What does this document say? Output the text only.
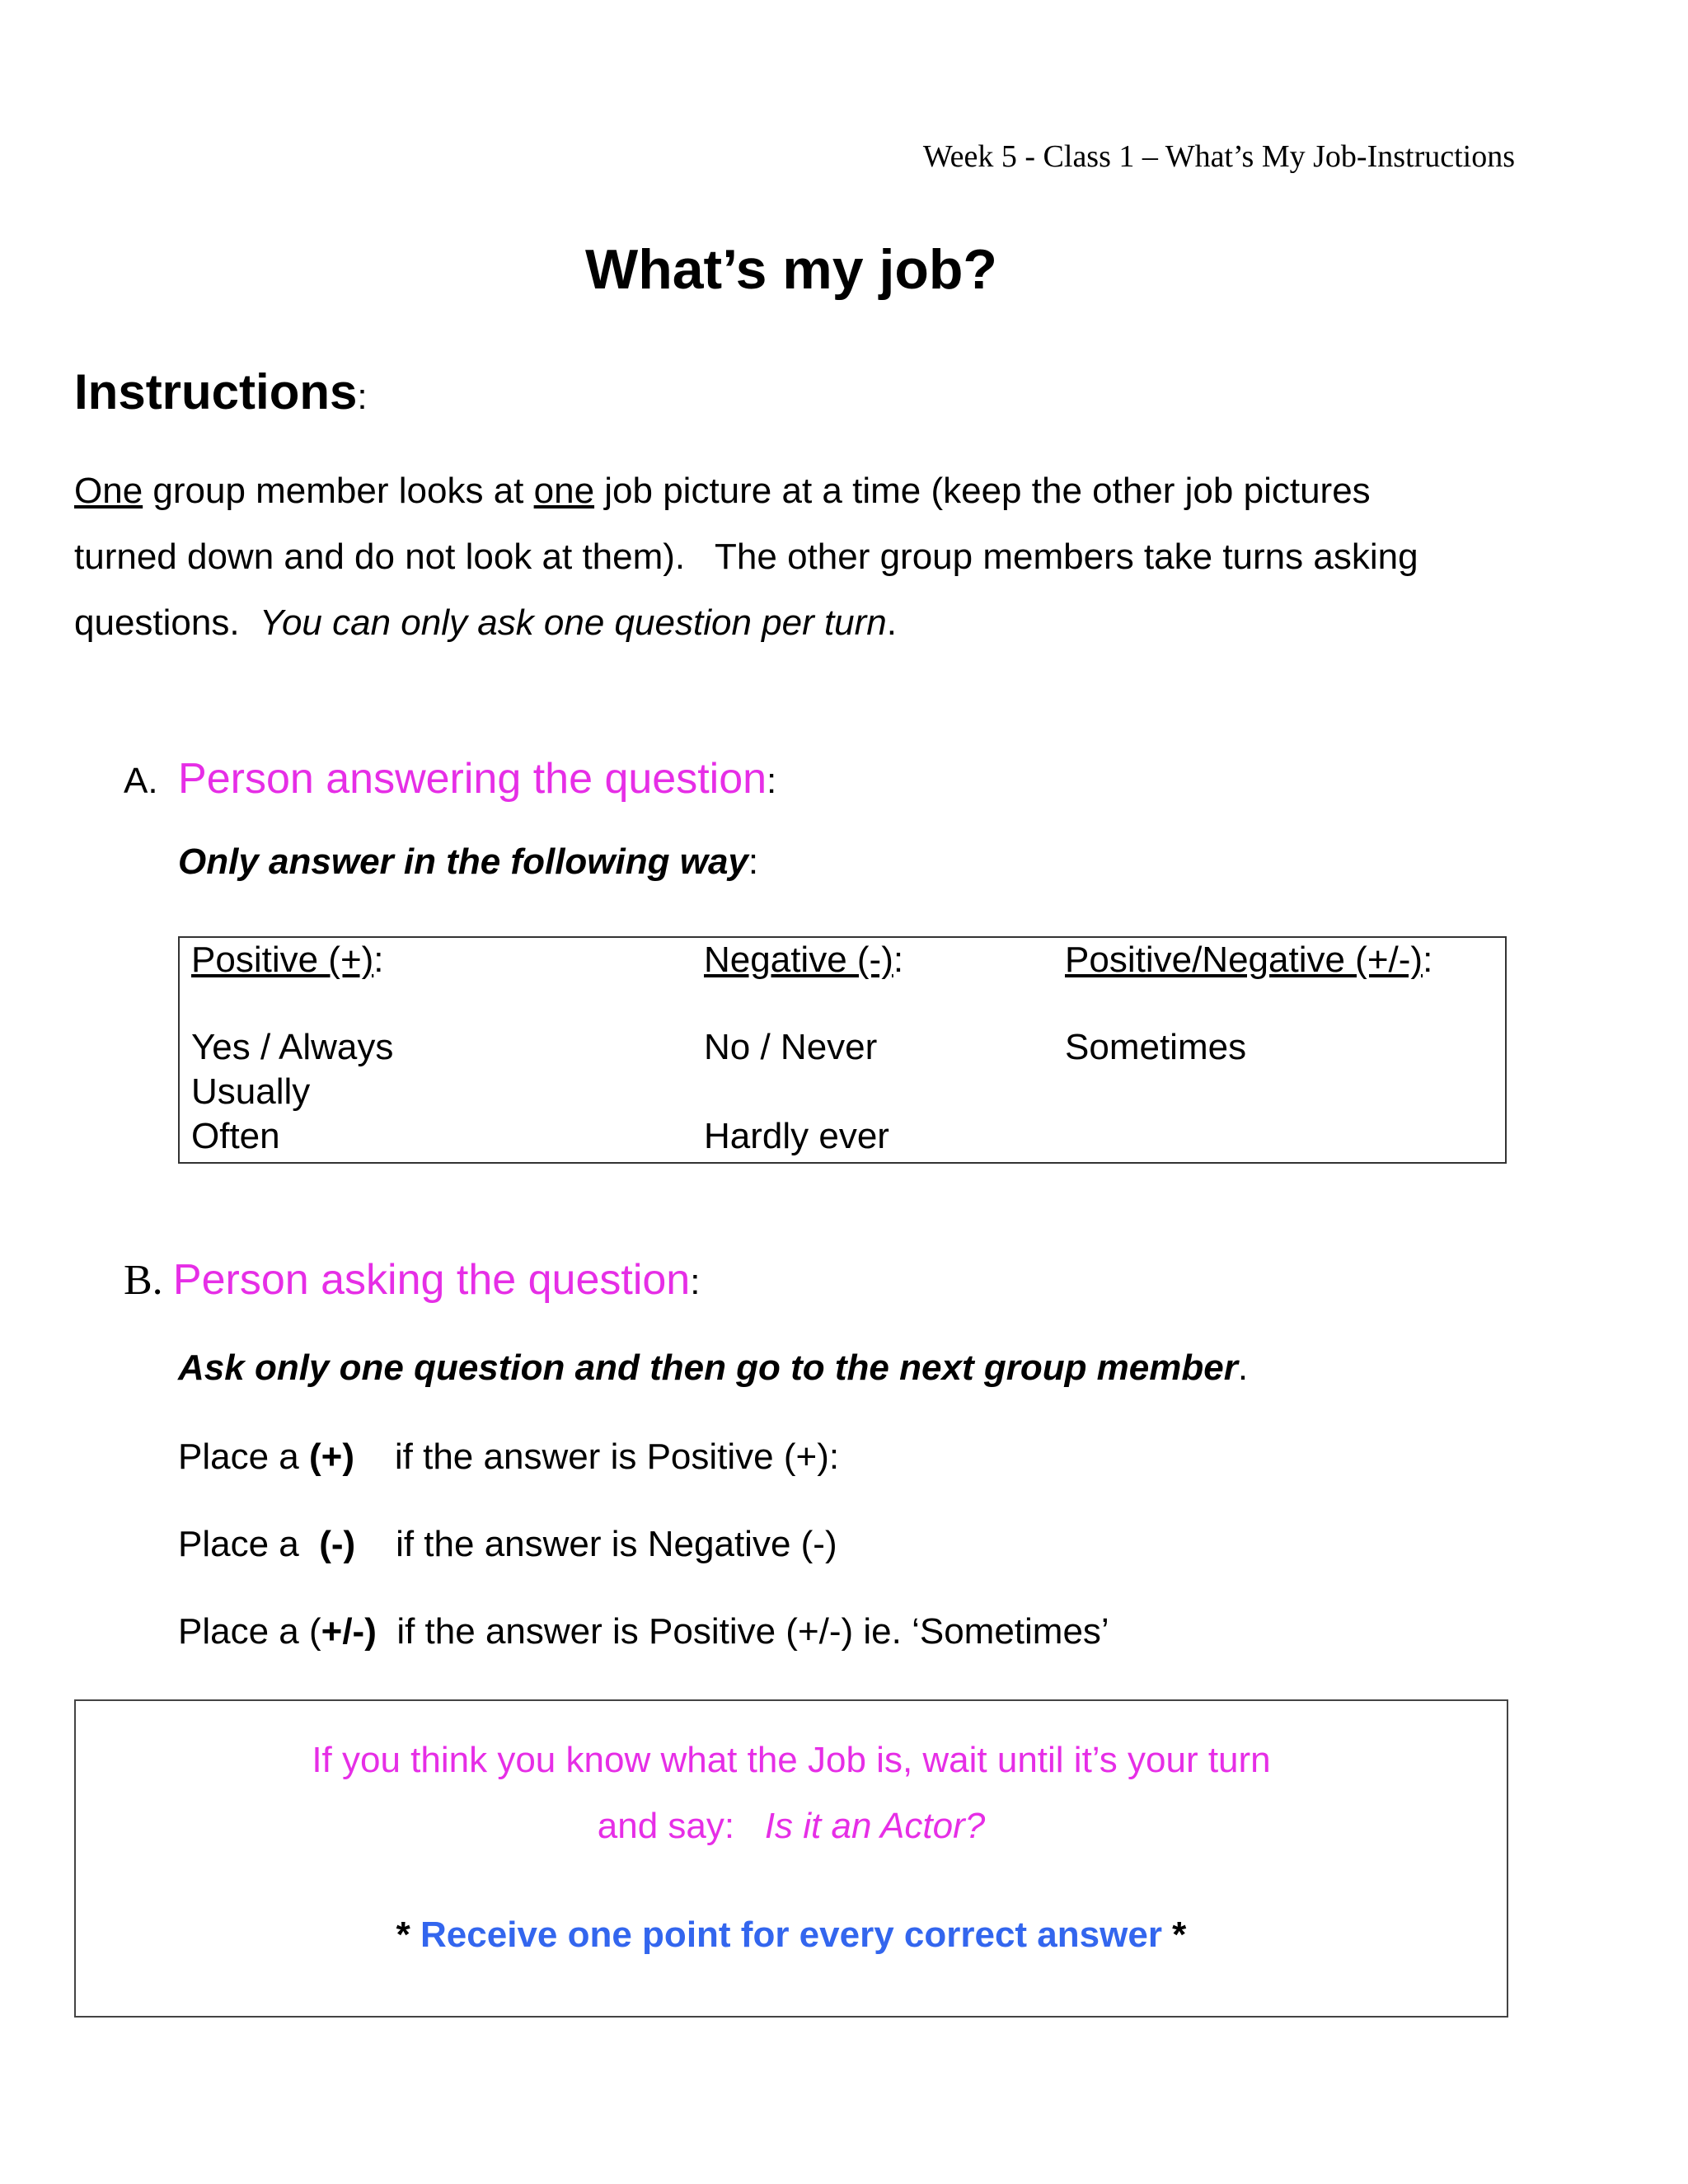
Week 5 - Class 1 – What’s My Job-Instructions
What’s my job?
Instructions:

One group member looks at one job picture at a time (keep the other job pictures

turned down and do not look at them).   The other group members take turns asking

questions.  You can only ask one question per turn.

A. Person answering the question:
Only answer in the following way:
Positive (+):
Yes / Always
Usually
Often
Negative (-):
No / Never
Hardly ever
Positive/Negative (+/-):
Sometimes
B. Person asking the question:
Ask only one question and then go to the next group member.
Place a (+)    if the answer is Positive (+):
Place a  (-)    if the answer is Negative (-)
Place a (+/-)  if the answer is Positive (+/-) ie. ‘Sometimes’
If you think you know what the Job is, wait until it’s your turn
and say:   Is it an Actor?
* Receive one point for every correct answer *
